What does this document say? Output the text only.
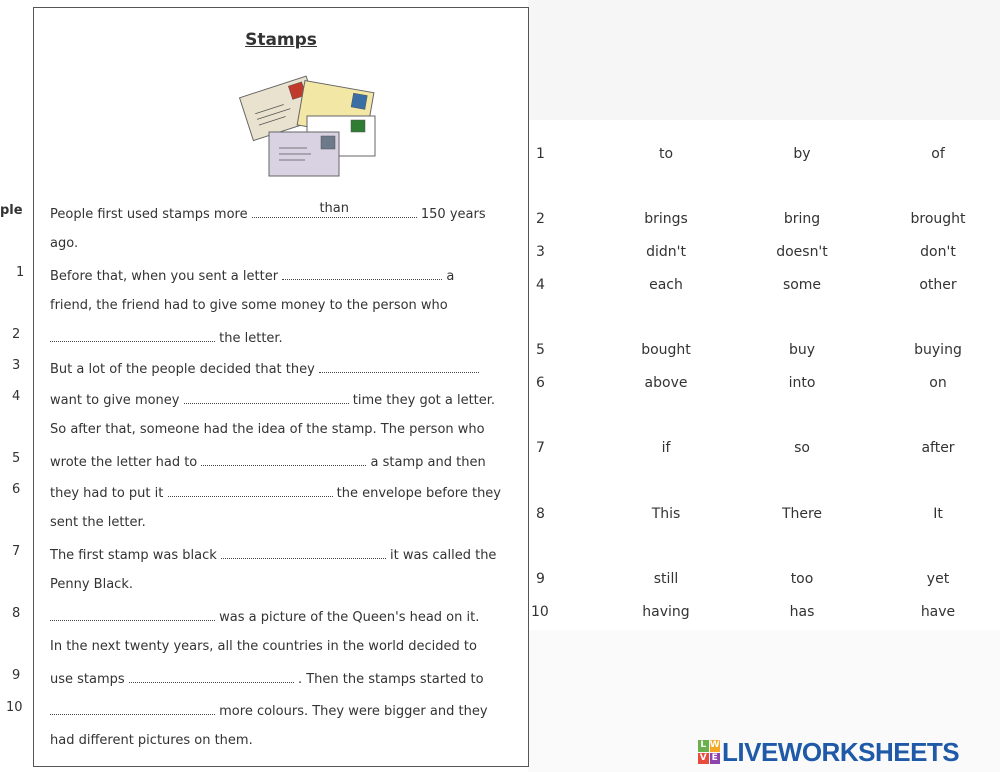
ple
1
2
3
4
5
6
7
8
9
10
Stamps
People first used stamps more	than	150 years
ago.
Before that, when you sent a letter	a
friend, the friend had to give some money to the person who
the letter.
But a lot of the people decided that they
want to give money	time they got a letter.
So after that, someone had the idea of the stamp. The person who
wrote the letter had to	a stamp and then
they had to put it	the envelope before they
sent the letter.
The first stamp was black	it was called the
Penny Black.
was a picture of the Queen's head on it.
In the next twenty years, all the countries in the world decided to
use stamps	. Then the stamps started to
more colours. They were bigger and they
had different pictures on them.
1	to	by	of
2	brings	bring	brought
3	didn't	doesn't	don't
4	each	some	other
5	bought	buy	buying
6	above	into	on
7	if	so	after
8	This	There	It
9	still	too	yet
10	having	has	have
L W
V E LIVEWORKSHEETS
